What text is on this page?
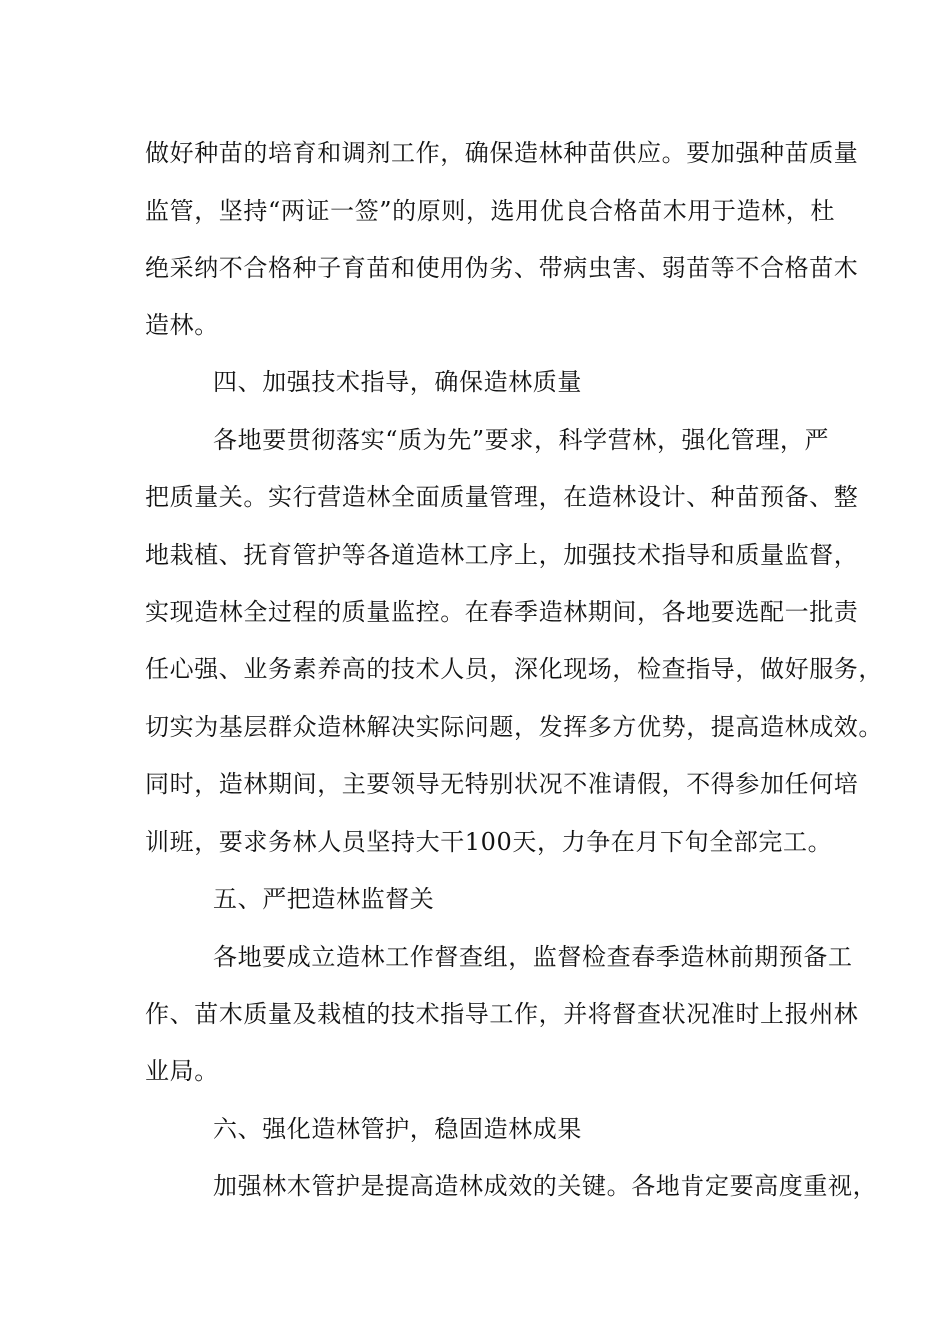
做好种苗的培育和调剂工作，确保造林种苗供应。要加强种苗质量
监管，坚持“两证一签”的原则，选用优良合格苗木用于造林，杜
绝采纳不合格种子育苗和使用伪劣、带病虫害、弱苗等不合格苗木
造林。
四、加强技术指导，确保造林质量
各地要贯彻落实“质为先”要求，科学营林，强化管理，严
把质量关。实行营造林全面质量管理，在造林设计、种苗预备、整
地栽植、抚育管护等各道造林工序上，加强技术指导和质量监督，
实现造林全过程的质量监控。在春季造林期间，各地要选配一批责
任心强、业务素养高的技术人员，深化现场，检查指导，做好服务，
切实为基层群众造林解决实际问题，发挥多方优势，提高造林成效。
同时，造林期间，主要领导无特别状况不准请假，不得参加任何培
训班，要求务林人员坚持大干100天，力争在月下旬全部完工。
五、严把造林监督关
各地要成立造林工作督查组，监督检查春季造林前期预备工
作、苗木质量及栽植的技术指导工作，并将督查状况准时上报州林
业局。
六、强化造林管护，稳固造林成果
加强林木管护是提高造林成效的关键。各地肯定要高度重视，
